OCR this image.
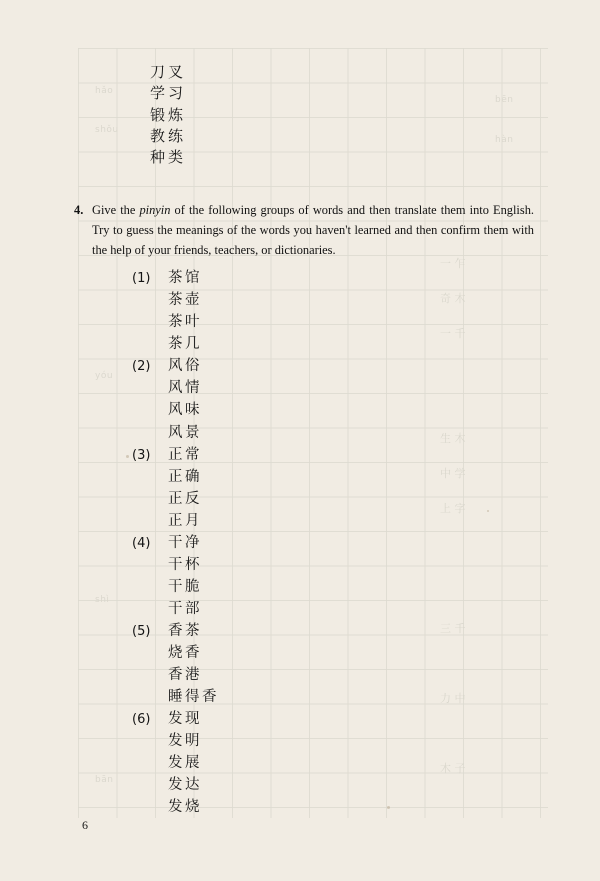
hǎo
shǒu
yóu
shì
bān
bēn
hàn
一 乍
奇 木
一 千
生 木
中 学
上 字
三 千
力 中
木 子
刀叉
学习
锻炼
教练
种类
4. Give the pinyin of the following groups of words and then translate them into English. Try to guess the meanings of the words you haven't learned and then confirm them with the help of your friends, teachers, or dictionaries.
(1)	茶馆
茶壶
茶叶
茶几
(2)	风俗
风情
风味
风景
(3)	正常
正确
正反
正月
(4)	干净
干杯
干脆
干部
(5)	香茶
烧香
香港
睡得香
(6)	发现
发明
发展
发达
发烧
6
